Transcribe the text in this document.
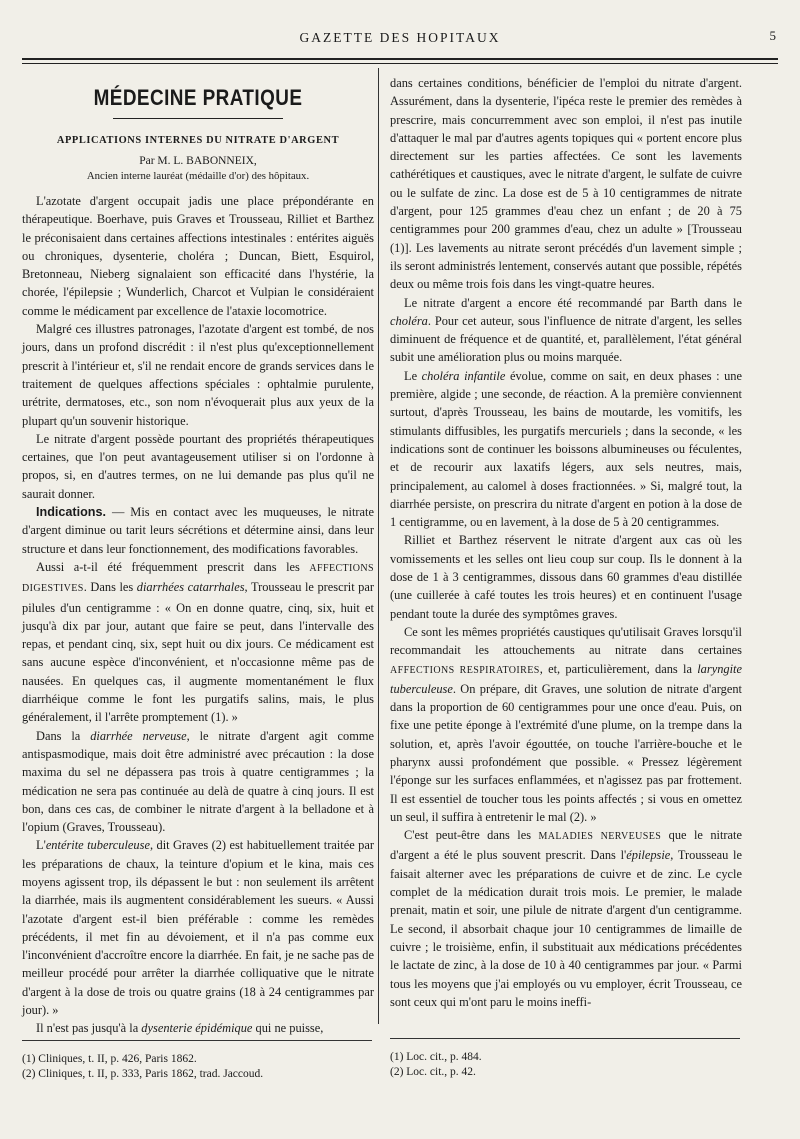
GAZETTE DES HOPITAUX	5
MÉDECINE PRATIQUE
APPLICATIONS INTERNES DU NITRATE D'ARGENT
Par M. L. BABONNEIX,
Ancien interne lauréat (médaille d'or) des hôpitaux.

L'azotate d'argent occupait jadis une place prépondérante en thérapeutique. Boerhave, puis Graves et Trousseau, Rilliet et Barthez le préconisaient dans certaines affections intestinales : entérites aiguës ou chroniques, dysenterie, choléra ; Duncan, Biett, Esquirol, Bretonneau, Nieberg signalaient son efficacité dans l'hystérie, la chorée, l'épilepsie ; Wunderlich, Charcot et Vulpian le considéraient comme le médicament par excellence de l'ataxie locomotrice.

Malgré ces illustres patronages, l'azotate d'argent est tombé, de nos jours, dans un profond discrédit : il n'est plus qu'exceptionnellement prescrit à l'intérieur et, s'il ne rendait encore de grands services dans le traitement de quelques affections spéciales : ophtalmie purulente, urétrite, dermatoses, etc., son nom n'évoquerait plus aux yeux de la plupart qu'un souvenir historique.

Le nitrate d'argent possède pourtant des propriétés thérapeutiques certaines, que l'on peut avantageusement utiliser si on l'ordonne à propos, si, en d'autres termes, on ne lui demande pas plus qu'il ne saurait donner.

Indications. — Mis en contact avec les muqueuses, le nitrate d'argent diminue ou tarit leurs sécrétions et détermine ainsi, dans leur structure et dans leur fonctionnement, des modifications favorables.

Aussi a-t-il été fréquemment prescrit dans les AFFECTIONS DIGESTIVES. Dans les diarrhées catarrhales, Trousseau le prescrit par pilules d'un centigramme : « On en donne quatre, cinq, six, huit et jusqu'à dix par jour, autant que faire se peut, dans l'intervalle des repas, et pendant cinq, six, sept huit ou dix jours. Ce médicament est sans aucune espèce d'inconvénient, et n'occasionne même pas de nausées. En quelques cas, il augmente momentanément le flux diarrhéique comme le font les purgatifs salins, mais, le plus généralement, il l'arrête promptement (1). »

Dans la diarrhée nerveuse, le nitrate d'argent agit comme antispasmodique, mais doit être administré avec précaution : la dose maxima du sel ne dépassera pas trois à quatre centigrammes ; la médication ne sera pas continuée au delà de quatre à cinq jours. Il est bon, dans ces cas, de combiner le nitrate d'argent à la belladone et à l'opium (Graves, Trousseau).

L'entérite tuberculeuse, dit Graves (2) est habituellement traitée par les préparations de chaux, la teinture d'opium et le kina, mais ces moyens agissent trop, ils dépassent le but : non seulement ils arrêtent la diarrhée, mais ils augmentent considérablement les sueurs. « Aussi l'azotate d'argent est-il bien préférable : comme les remèdes précédents, il met fin au dévoiement, et il n'a pas comme eux l'inconvénient d'accroître encore la diarrhée. En fait, je ne sache pas de meilleur procédé pour arrêter la diarrhée colliquative que le nitrate d'argent à la dose de trois ou quatre grains (18 à 24 centigrammes par jour). »

Il n'est pas jusqu'à la dysenterie épidémique qui ne puisse,

dans certaines conditions, bénéficier de l'emploi du nitrate d'argent. Assurément, dans la dysenterie, l'ipéca reste le premier des remèdes à prescrire, mais concurremment avec son emploi, il n'est pas inutile d'attaquer le mal par d'autres agents topiques qui « portent encore plus directement sur les parties affectées. Ce sont les lavements cathérétiques et caustiques, avec le nitrate d'argent, le sulfate de cuivre ou le sulfate de zinc. La dose est de 5 à 10 centigrammes de nitrate d'argent, pour 125 grammes d'eau chez un enfant ; de 20 à 75 centigrammes pour 200 grammes d'eau, chez un adulte » [Trousseau (1)]. Les lavements au nitrate seront précédés d'un lavement simple ; ils seront administrés lentement, conservés autant que possible, répétés deux ou même trois fois dans les vingt-quatre heures.

Le nitrate d'argent a encore été recommandé par Barth dans le choléra. Pour cet auteur, sous l'influence de nitrate d'argent, les selles diminuent de fréquence et de quantité, et, parallèlement, l'état général subit une amélioration plus ou moins marquée.

Le choléra infantile évolue, comme on sait, en deux phases : une première, algide ; une seconde, de réaction. A la première conviennent surtout, d'après Trousseau, les bains de moutarde, les vomitifs, les stimulants diffusibles, les purgatifs mercuriels ; dans la seconde, « les indications sont de continuer les boissons albumineuses ou féculentes, et de recourir aux laxatifs légers, aux sels neutres, mais, principalement, au calomel à doses fractionnées. » Si, malgré tout, la diarrhée persiste, on prescrira du nitrate d'argent en potion à la dose de 1 centigramme, ou en lavement, à la dose de 5 à 20 centigrammes.

Rilliet et Barthez réservent le nitrate d'argent aux cas où les vomissements et les selles ont lieu coup sur coup. Ils le donnent à la dose de 1 à 3 centigrammes, dissous dans 60 grammes d'eau distillée (une cuillerée à café toutes les trois heures) et en continuent l'usage pendant toute la durée des symptômes graves.

Ce sont les mêmes propriétés caustiques qu'utilisait Graves lorsqu'il recommandait les attouchements au nitrate dans certaines AFFECTIONS RESPIRATOIRES, et, particulièrement, dans la laryngite tuberculeuse. On prépare, dit Graves, une solution de nitrate d'argent dans la proportion de 60 centigrammes pour une once d'eau. Puis, on fixe une petite éponge à l'extrémité d'une plume, on la trempe dans la solution, et, après l'avoir égouttée, on touche l'arrière-bouche et le pharynx aussi profondément que possible. « Pressez légèrement l'éponge sur les surfaces enflammées, et n'agissez pas par frottement. Il est essentiel de toucher tous les points affectés ; si vous en omettez un seul, il suffira à entretenir le mal (2). »

C'est peut-être dans les MALADIES NERVEUSES que le nitrate d'argent a été le plus souvent prescrit. Dans l'épilepsie, Trousseau le faisait alterner avec les préparations de cuivre et de zinc. Le cycle complet de la médication durait trois mois. Le premier, le malade prenait, matin et soir, une pilule de nitrate d'argent d'un centigramme. Le second, il absorbait chaque jour 10 centigrammes de limaille de cuivre ; le troisième, enfin, il substituait aux médications précédentes le lactate de zinc, à la dose de 10 à 40 centigrammes par jour. « Parmi tous les moyens que j'ai employés ou vu employer, écrit Trousseau, ce sont ceux qui m'ont paru le moins ineffi-

(1) Cliniques, t. II, p. 426, Paris 1862.
(2) Cliniques, t. II, p. 333, Paris 1862, trad. Jaccoud.
(1) Loc. cit., p. 484.
(2) Loc. cit., p. 42.
